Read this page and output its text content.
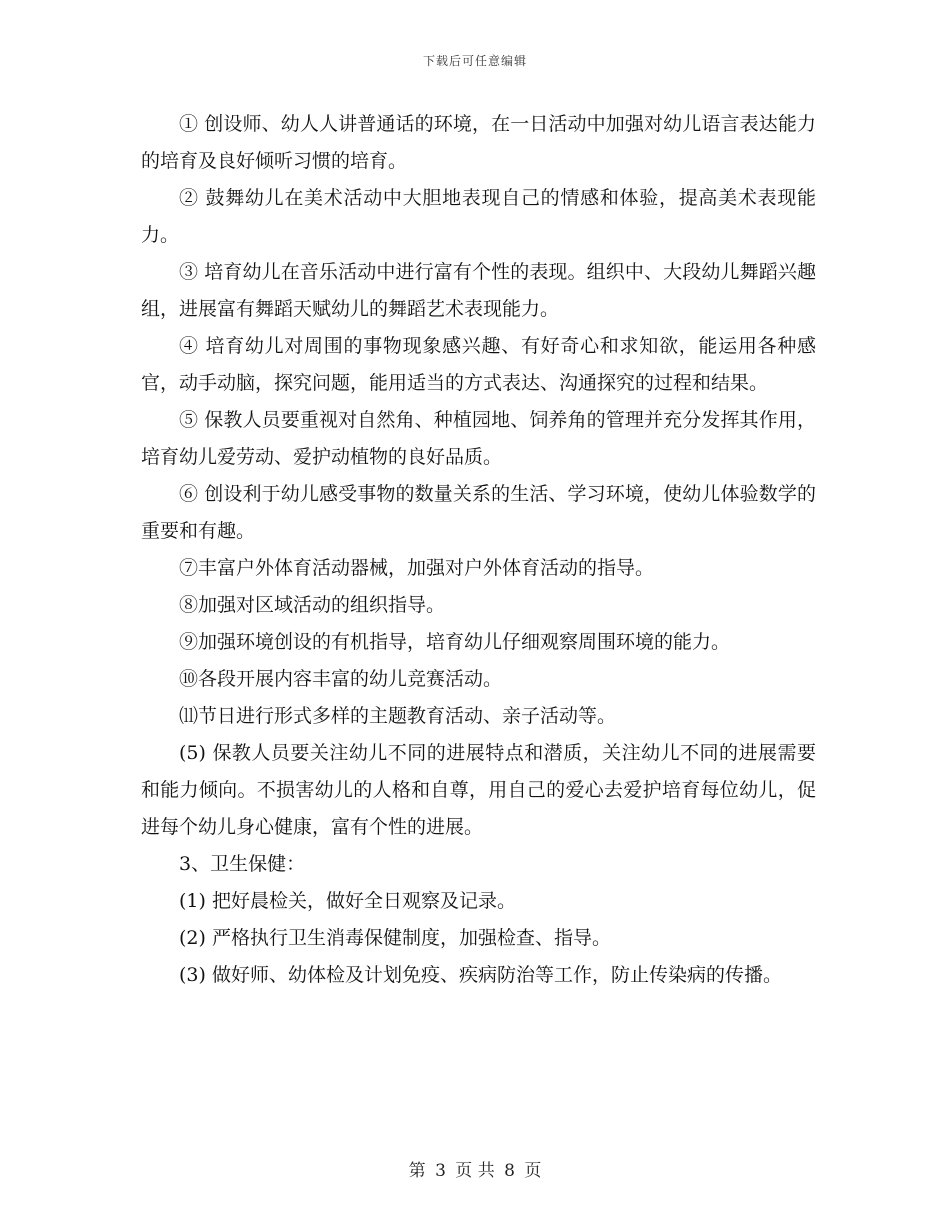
下载后可任意编辑

① 创设师、幼人人讲普通话的环境，在一日活动中加强对幼儿语言表达能力的培育及良好倾听习惯的培育。

② 鼓舞幼儿在美术活动中大胆地表现自己的情感和体验，提高美术表现能力。

③ 培育幼儿在音乐活动中进行富有个性的表现。组织中、大段幼儿舞蹈兴趣组，进展富有舞蹈天赋幼儿的舞蹈艺术表现能力。

④ 培育幼儿对周围的事物现象感兴趣、有好奇心和求知欲，能运用各种感官，动手动脑，探究问题，能用适当的方式表达、沟通探究的过程和结果。

⑤ 保教人员要重视对自然角、种植园地、饲养角的管理并充分发挥其作用，培育幼儿爱劳动、爱护动植物的良好品质。

⑥ 创设利于幼儿感受事物的数量关系的生活、学习环境，使幼儿体验数学的重要和有趣。

⑦丰富户外体育活动器械，加强对户外体育活动的指导。

⑧加强对区域活动的组织指导。

⑨加强环境创设的有机指导，培育幼儿仔细观察周围环境的能力。

⑩各段开展内容丰富的幼儿竞赛活动。

⑾节日进行形式多样的主题教育活动、亲子活动等。

(5) 保教人员要关注幼儿不同的进展特点和潜质，关注幼儿不同的进展需要和能力倾向。不损害幼儿的人格和自尊，用自己的爱心去爱护培育每位幼儿，促进每个幼儿身心健康，富有个性的进展。

3、卫生保健：

(1) 把好晨检关，做好全日观察及记录。

(2) 严格执行卫生消毒保健制度，加强检查、指导。

(3) 做好师、幼体检及计划免疫、疾病防治等工作，防止传染病的传播。

第 3 页 共 8 页
